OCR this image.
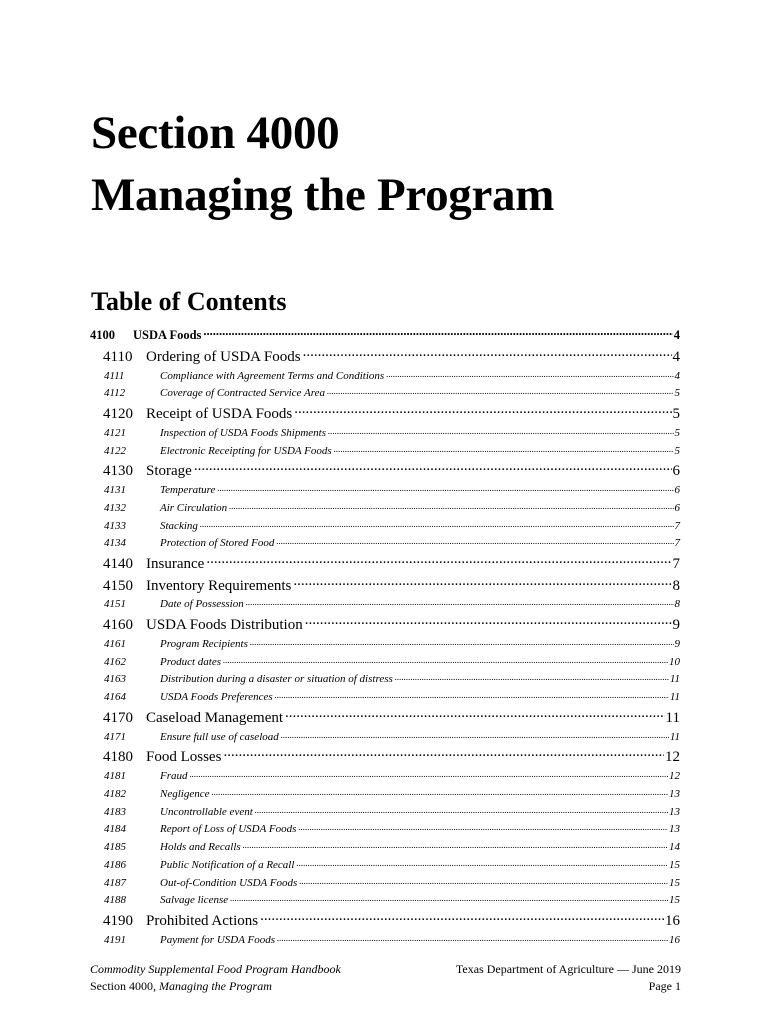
Section 4000
Managing the Program
Table of Contents
4100	USDA Foods .....	4
4110 Ordering of USDA Foods .....	4
4111	Compliance with Agreement Terms and Conditions .....	4
4112	Coverage of Contracted Service Area .....	5
4120 Receipt of USDA Foods .....	5
4121	Inspection of USDA Foods Shipments .....	5
4122	Electronic Receipting for USDA Foods .....	5
4130 Storage .....	6
4131	Temperature .....	6
4132	Air Circulation .....	6
4133	Stacking .....	7
4134	Protection of Stored Food .....	7
4140 Insurance .....	7
4150 Inventory Requirements .....	8
4151	Date of Possession .....	8
4160 USDA Foods Distribution .....	9
4161	Program Recipients .....	9
4162	Product dates .....	10
4163	Distribution during a disaster or situation of distress .....	11
4164	USDA Foods Preferences .....	11
4170 Caseload Management .....	11
4171	Ensure full use of caseload .....	11
4180 Food Losses .....	12
4181	Fraud .....	12
4182	Negligence .....	13
4183	Uncontrollable event .....	13
4184	Report of Loss of USDA Foods .....	13
4185	Holds and Recalls .....	14
4186	Public Notification of a Recall .....	15
4187	Out-of-Condition USDA Foods .....	15
4188	Salvage license .....	15
4190 Prohibited Actions .....	16
4191	Payment for USDA Foods .....	16
Commodity Supplemental Food Program Handbook	Texas Department of Agriculture — June 2019
Section 4000, Managing the Program	Page 1
